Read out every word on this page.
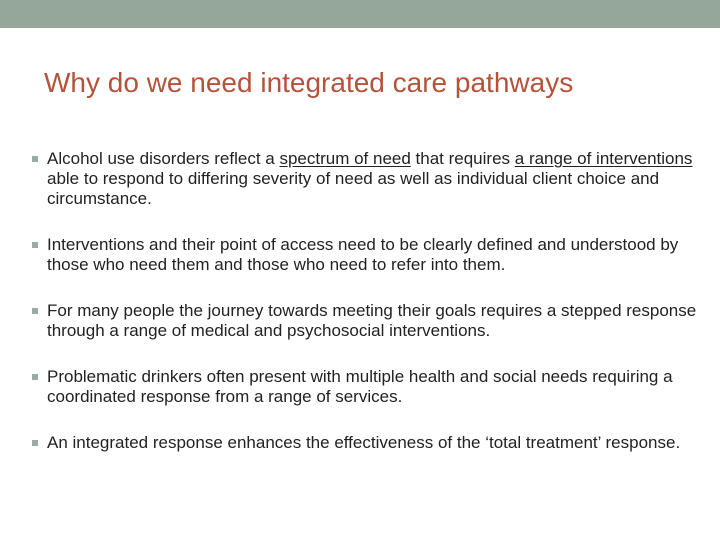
Why do we need integrated care pathways
Alcohol use disorders reflect a spectrum of need that requires a range of interventions able to respond to differing severity of need as well as individual client choice and circumstance.
Interventions and their point of access need to be clearly defined and understood by those who need them and those who need to refer into them.
For many people the journey towards meeting their goals requires a stepped response through a range of medical and psychosocial interventions.
Problematic drinkers often present with multiple health and social needs requiring a coordinated response from a range of services.
An integrated response enhances the effectiveness of the ‘total treatment’ response.
